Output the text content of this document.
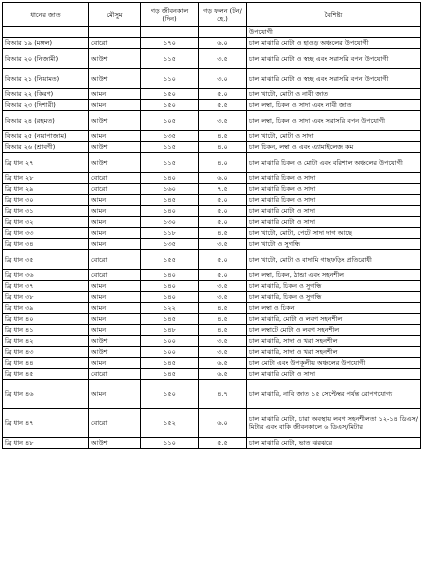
ধানের জাত	মৌসুম	গড় জীবনকাল (দিন)	গড় ফলন (টন/হে.)	বৈশিষ্ট্য
				উপযোগী
বিআর ১৯ (মঙ্গল)	বোরো	১৭০	৬.০	চাল মাঝারি মোটা ও হাওড় অঞ্চলের উপযোগী
বিআর ২০ (নিজামী)	আউশ	১১৫	৩.৫	চাল মাঝারি মোটা ও স্বচ্ছ এবং সরাসরি বপন উপযোগী
বিআর ২১ (নিয়ামত)	আউশ	১১০	৩.০	চাল মাঝারি মোটা ও স্বচ্ছ এবং সরাসরি বপন উপযোগী
বিআর ২২ (কিরণ)	আমন	১৫০	৫.০	চাল খাটো, মোটা ও নাবী জাত
বিআর ২৩ (দিশারী)	আমন	১৫০	৫.৫	চাল লম্বা, চিকন ও সাদা এবং নাবী জাত
বিআর ২৪ (রহমত)	আউশ	১০৫	৩.৫	চাল লম্বা, চিকন ও সাদা এবং সরাসরি বপন উপযোগী
বিআর ২৫ (নয়াপাজাম)	আমন	১৩৫	৪.৫	চাল খাটো, মোটা ও সাদা
বিআর ২৬ (শ্রাবণী)	আউশ	১১৫	৪.০	চাল চিকন, লম্বা ও এবং এ্যামাইলেজ কম
ব্রি ধান ২৭	আউশ	১১৫	৪.০	চাল মাঝারি চিকন ও মোটা এবং বরিশাল অঞ্চলের উপযোগী
ব্রি ধান ২৮	বোরো	১৪০	৬.০	চাল মাঝারি চিকন ও সাদা
ব্রি ধান ২৯	বোরো	১৬০	৭.৫	চাল মাঝারি চিকন ও সাদা
ব্রি ধান ৩০	আমন	১৪৫	৫.০	চাল মাঝারি চিকন ও সাদা
ব্রি ধান ৩১	আমন	১৪০	৫.০	চাল মাঝারি মোটা ও সাদা
ব্রি ধান ৩২	আমন	১৩০	৫.০	চাল মাঝারি মোটা ও সাদা
ব্রি ধান ৩৩	আমন	১১৮	৪.৫	চাল খাটো, মোটা, পেটে সাদা দাগ আছে
ব্রি ধান ৩৪	আমন	১৩৫	৩.৫	চাল খাটো ও সুগন্ধি
ব্রি ধান ৩৫	বোরো	১৫৫	৫.০	চাল খাটো, মোটা ও বাদামি গাছফড়িং প্রতিরোধী
ব্রি ধান ৩৬	বোরো	১৪০	৫.০	চাল লম্বা, চিকন, ঠান্ডা এবং সহনশীল
ব্রি ধান ৩৭	আমন	১৪০	৩.৫	চাল মাঝারি, চিকন ও সুগন্ধি
ব্রি ধান ৩৮	আমন	১৪০	৩.৫	চাল মাঝারি, চিকন ও সুগন্ধি
ব্রি ধান ৩৯	আমন	১২২	৪.৫	চাল লম্বা ও চিকন
ব্রি ধান ৪০	আমন	১৪৫	৪.৫	চাল মাঝারি, মোটা ও লবণ সহনশীল
ব্রি ধান ৪১	আমন	১৪৮	৪.৫	চাল লম্বাটে মোটা ও লবণ সহনশীল
ব্রি ধান ৪২	আউশ	১০০	৩.৫	চাল মাঝারি, সাদা ও খরা সহনশীল
ব্রি ধান ৪৩	আউশ	১০০	৩.৫	চাল মাঝারি, সাদা ও খরা সহনশীল
ব্রি ধান ৪৪	আমন	১৪৫	৬.৫	চাল মোটা এবং উপকূলীয় অঞ্চলের উপযোগী
ব্রি ধান ৪৫	বোরো	১৪৫	৬.৫	চাল মাঝারি মোটা ও সাদা
ব্রি ধান ৪৬	আমন	১৫০	৪.৭	চাল মাঝারি, নাবি জাত ১৫ সেপ্টেম্বর পর্যন্ত রোপণযোগ্য
ব্রি ধান ৪৭	বোরো	১৫২	৬.০	চাল মাঝারি মোটা, চারা অবস্থায় লবণ সহনশীলতা ১২-১৪ ডিএস/মিটার এবং বাকি জীবনকালে ৬ ডিএস/মিটার
ব্রি ধান ৪৮	আউশ	১১০	৫.৫	চাল মাঝারি মোটা, ভাত ঝরঝরে
